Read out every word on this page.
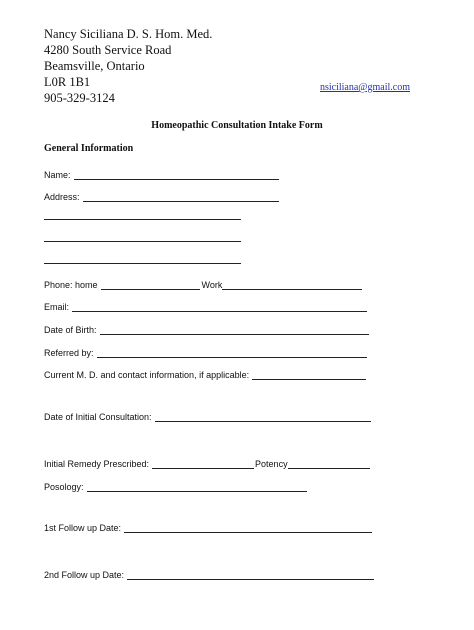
Nancy Siciliana D. S. Hom. Med.
4280 South Service Road
Beamsville, Ontario
L0R 1B1
905-329-3124
nsiciliana@gmail.com
Homeopathic Consultation Intake Form
General Information
Name:
Address:
Phone: home	Work
Email:
Date of Birth:
Referred by:
Current M. D. and contact information, if applicable:
Date of Initial Consultation:
Initial Remedy Prescribed:	Potency
Posology:
1st Follow up Date:
2nd Follow up Date:
